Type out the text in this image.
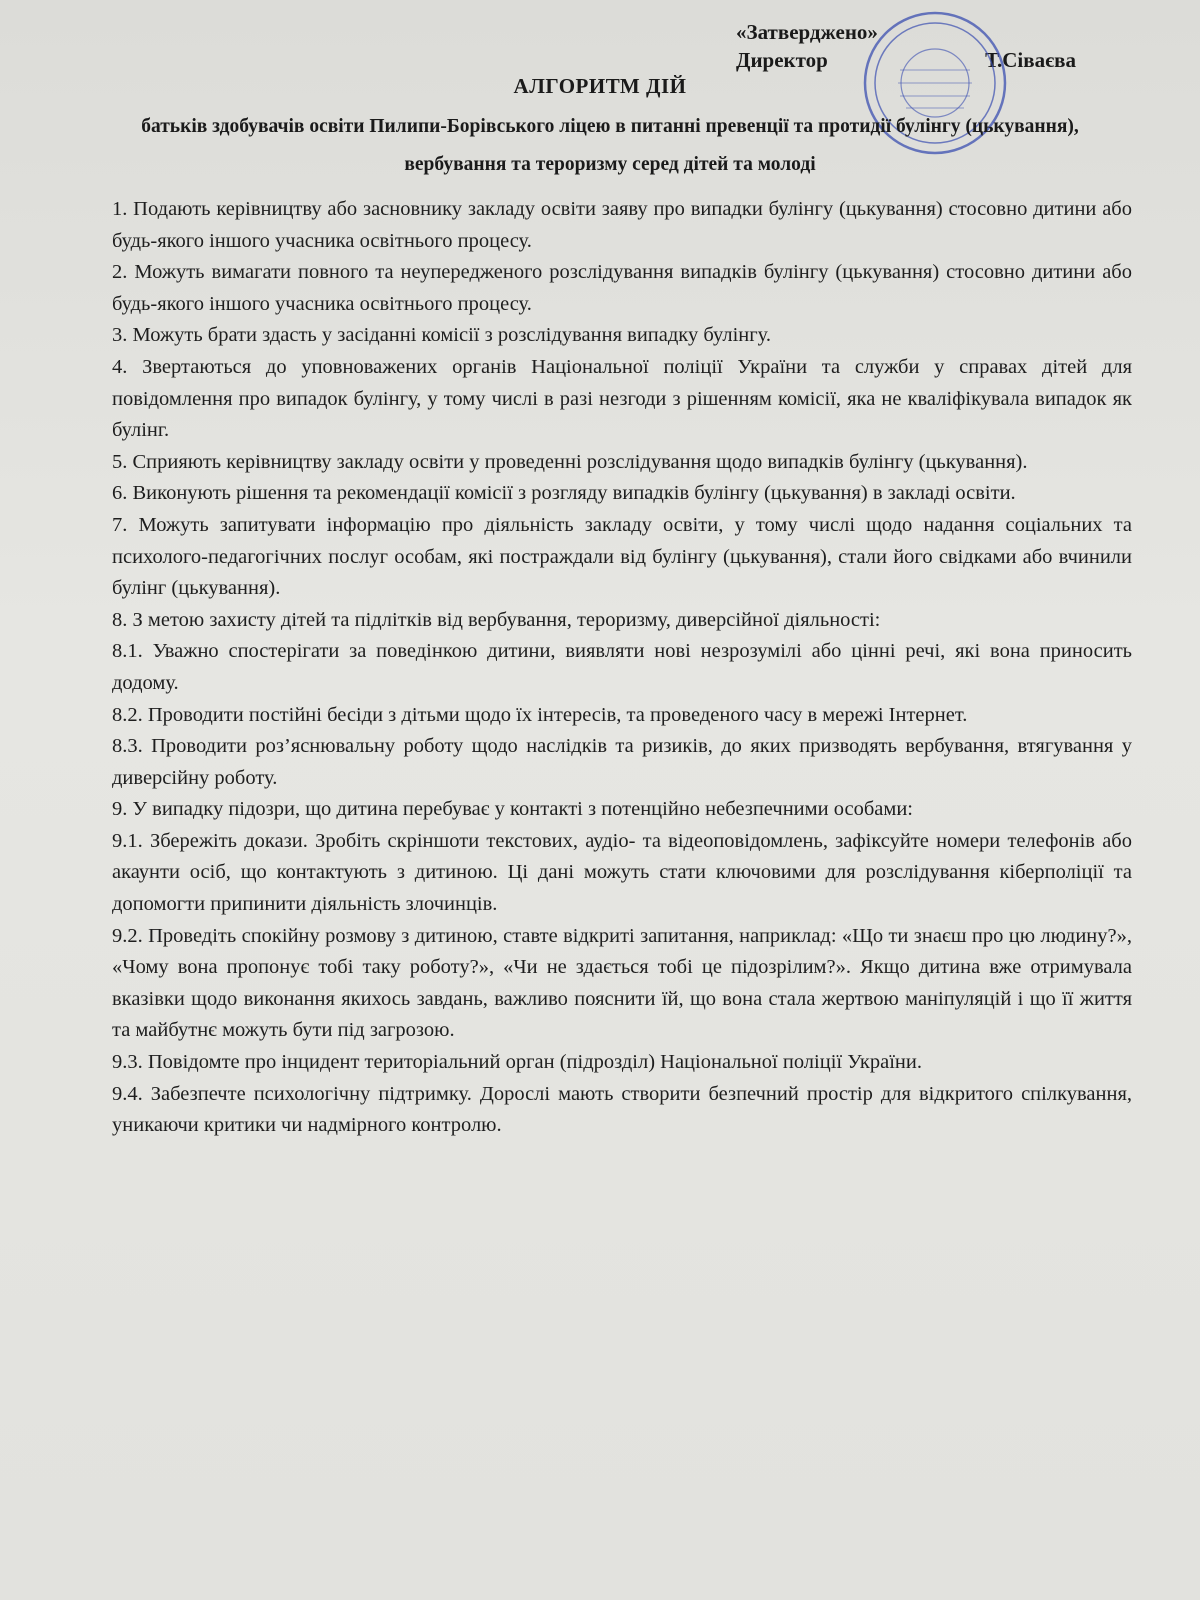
«Затверджено»
Директор	Т.Сіваєва
АЛГОРИТМ ДІЙ
батьків здобувачів освіти Пилипи-Борівського ліцею в питанні превенції та протидії булінгу (цькування), вербування та тероризму серед дітей та молоді

1. Подають керівництву або засновнику закладу освіти заяву про випадки булінгу (цькування) стосовно дитини або будь-якого іншого учасника освітнього процесу.

2. Можуть вимагати повного та неупередженого розслідування випадків булінгу (цькування) стосовно дитини або будь-якого іншого учасника освітнього процесу.

3. Можуть брати здасть у засіданні комісії з розслідування випадку булінгу.

4. Звертаються до уповноважених органів Національної поліції України та служби у справах дітей для повідомлення про випадок булінгу, у тому числі в разі незгоди з рішенням комісії, яка не кваліфікувала випадок як булінг.

5. Сприяють керівництву закладу освіти у проведенні розслідування щодо випадків булінгу (цькування).

6. Виконують рішення та рекомендації комісії з розгляду випадків булінгу (цькування) в закладі освіти.

7. Можуть запитувати інформацію про діяльність закладу освіти, у тому числі щодо надання соціальних та психолого-педагогічних послуг особам, які постраждали від булінгу (цькування), стали його свідками або вчинили булінг (цькування).

8. З метою захисту дітей та підлітків від вербування, тероризму, диверсійної діяльності:

8.1. Уважно спостерігати за поведінкою дитини, виявляти нові незрозумілі або цінні речі, які вона приносить додому.

8.2. Проводити постійні бесіди з дітьми щодо їх інтересів, та проведеного часу в мережі Інтернет.

8.3. Проводити роз’яснювальну роботу щодо наслідків та ризиків, до яких призводять вербування, втягування у диверсійну роботу.

9. У випадку підозри, що дитина перебуває у контакті з потенційно небезпечними особами:

9.1. Збережіть докази. Зробіть скріншоти текстових, аудіо- та відеоповідомлень, зафіксуйте номери телефонів або акаунти осіб, що контактують з дитиною. Ці дані можуть стати ключовими для розслідування кіберполіції та допомогти припинити діяльність злочинців.

9.2. Проведіть спокійну розмову з дитиною, ставте відкриті запитання, наприклад: «Що ти знаєш про цю людину?», «Чому вона пропонує тобі таку роботу?», «Чи не здається тобі це підозрілим?». Якщо дитина вже отримувала вказівки щодо виконання якихось завдань, важливо пояснити їй, що вона стала жертвою маніпуляцій і що її життя та майбутнє можуть бути під загрозою.

9.3. Повідомте про інцидент територіальний орган (підрозділ) Національної поліції України.

9.4. Забезпечте психологічну підтримку. Дорослі мають створити безпечний простір для відкритого спілкування, уникаючи критики чи надмірного контролю.
